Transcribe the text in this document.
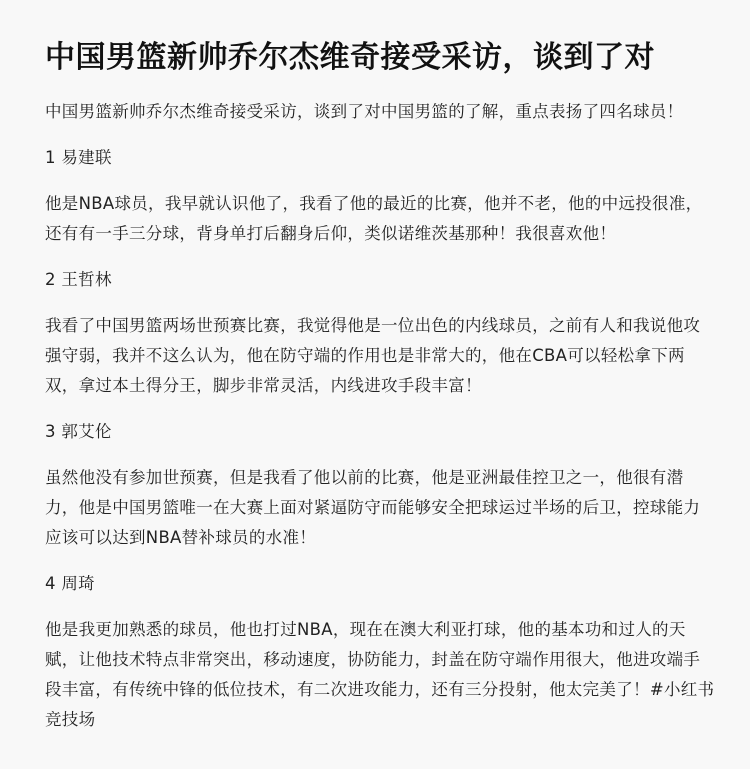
中国男篮新帅乔尔杰维奇接受采访，谈到了对

中国男篮新帅乔尔杰维奇接受采访，谈到了对中国男篮的了解，重点表扬了四名球员！

1 易建联

他是NBA球员，我早就认识他了，我看了他的最近的比赛，他并不老，他的中远投很准，还有有一手三分球，背身单打后翻身后仰，类似诺维茨基那种！我很喜欢他！

2 王哲林

我看了中国男篮两场世预赛比赛，我觉得他是一位出色的内线球员，之前有人和我说他攻强守弱，我并不这么认为，他在防守端的作用也是非常大的，他在CBA可以轻松拿下两双，拿过本土得分王，脚步非常灵活，内线进攻手段丰富！

3 郭艾伦

虽然他没有参加世预赛，但是我看了他以前的比赛，他是亚洲最佳控卫之一，他很有潜力，他是中国男篮唯一在大赛上面对紧逼防守而能够安全把球运过半场的后卫，控球能力应该可以达到NBA替补球员的水准！

4 周琦

他是我更加熟悉的球员，他也打过NBA，现在在澳大利亚打球，他的基本功和过人的天赋，让他技术特点非常突出，移动速度，协防能力，封盖在防守端作用很大，他进攻端手段丰富，有传统中锋的低位技术，有二次进攻能力，还有三分投射，他太完美了！#小红书竞技场
